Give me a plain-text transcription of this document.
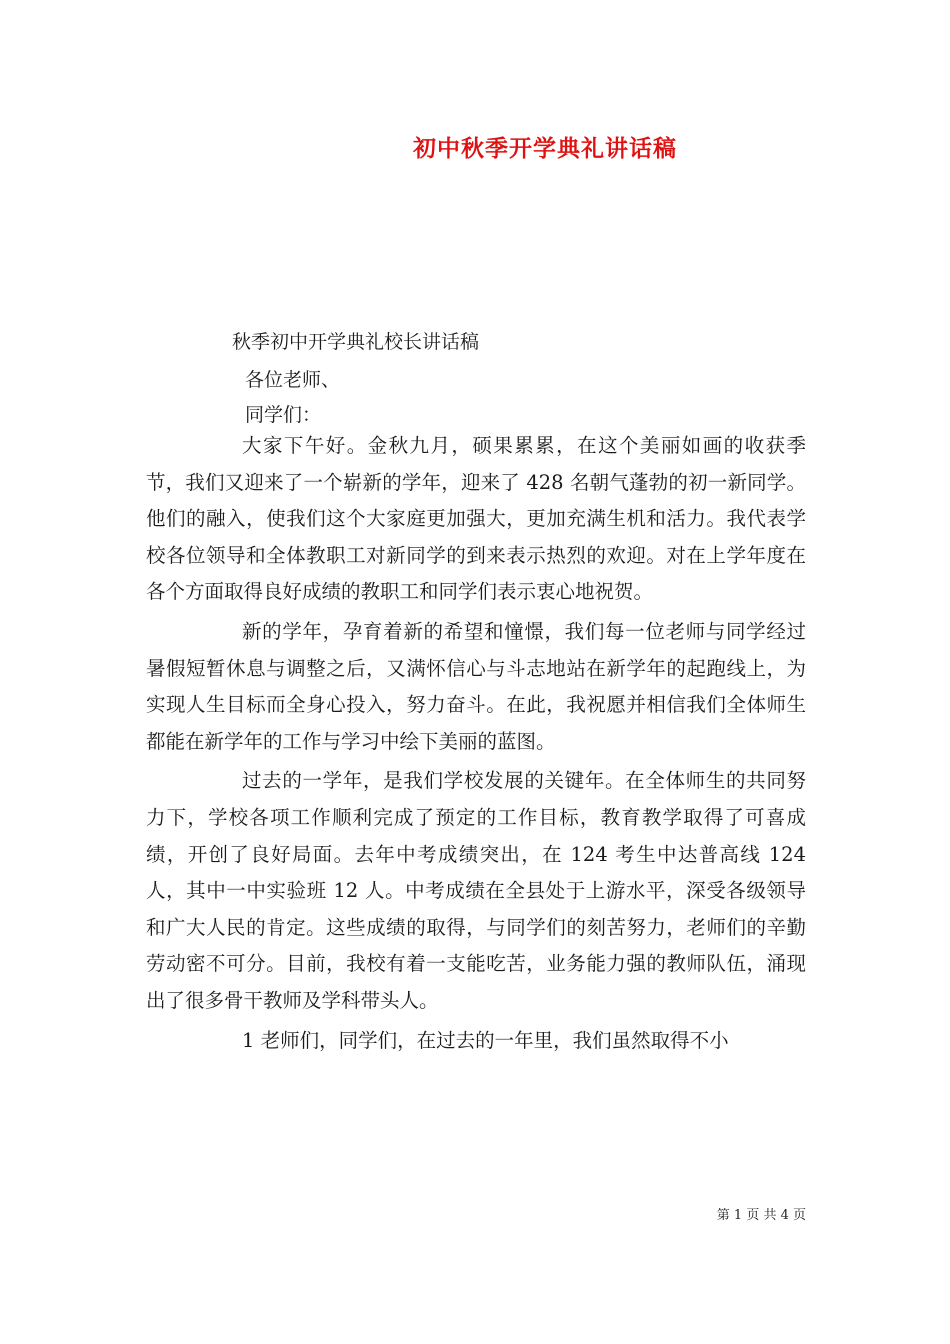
初中秋季开学典礼讲话稿
秋季初中开学典礼校长讲话稿
各位老师、
同学们：

大家下午好。金秋九月，硕果累累，在这个美丽如画的收获季节，我们又迎来了一个崭新的学年，迎来了 428 名朝气蓬勃的初一新同学。他们的融入，使我们这个大家庭更加强大，更加充满生机和活力。我代表学校各位领导和全体教职工对新同学的到来表示热烈的欢迎。对在上学年度在各个方面取得良好成绩的教职工和同学们表示衷心地祝贺。

新的学年，孕育着新的希望和憧憬，我们每一位老师与同学经过暑假短暂休息与调整之后，又满怀信心与斗志地站在新学年的起跑线上，为实现人生目标而全身心投入，努力奋斗。在此，我祝愿并相信我们全体师生都能在新学年的工作与学习中绘下美丽的蓝图。

过去的一学年，是我们学校发展的关键年。在全体师生的共同努力下，学校各项工作顺利完成了预定的工作目标，教育教学取得了可喜成绩，开创了良好局面。去年中考成绩突出，在 124 考生中达普高线 124 人，其中一中实验班 12 人。中考成绩在全县处于上游水平，深受各级领导和广大人民的肯定。这些成绩的取得，与同学们的刻苦努力，老师们的辛勤劳动密不可分。目前，我校有着一支能吃苦，业务能力强的教师队伍，涌现出了很多骨干教师及学科带头人。

1 老师们，同学们，在过去的一年里，我们虽然取得不小

第 1 页 共 4 页
